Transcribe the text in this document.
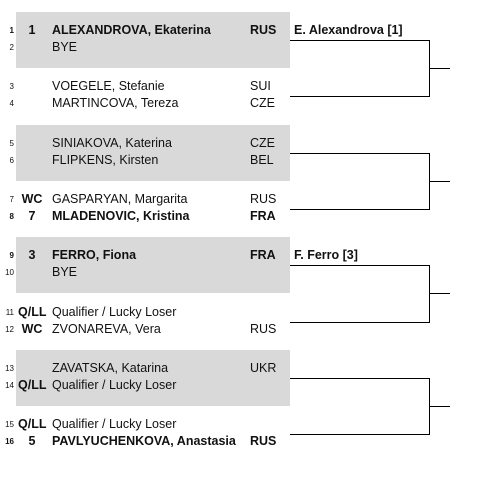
1	1	ALEXANDROVA, Ekaterina	RUS
2	BYE
3	VOEGELE, Stefanie	SUI
4	MARTINCOVA, Tereza	CZE
5	SINIAKOVA, Katerina	CZE
6	FLIPKENS, Kirsten	BEL
7 WC GASPARYAN, Margarita	RUS
8	7	MLADENOVIC, Kristina	FRA
9	3	FERRO, Fiona	FRA
10	BYE
11 Q/LL Qualifier / Lucky Loser
12 WC ZVONAREVA, Vera	RUS
13	ZAVATSKA, Katarina	UKR
14 Q/LL Qualifier / Lucky Loser
15 Q/LL Qualifier / Lucky Loser
16	5	PAVLYUCHENKOVA, Anastasia RUS
E. Alexandrova [1]
F. Ferro [3]
